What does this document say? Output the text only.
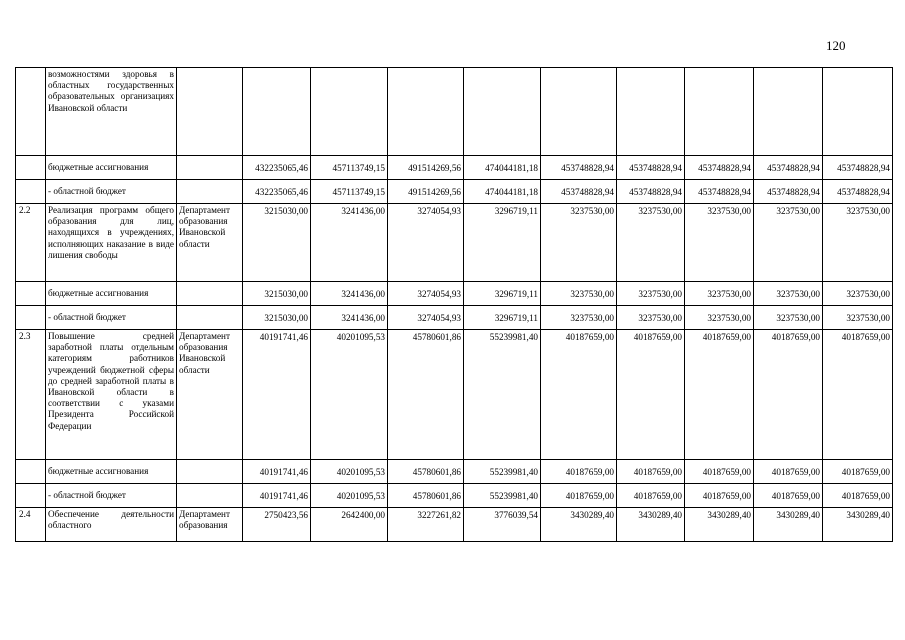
120
	возможностями здоровья в областных государственных образовательных организациях Ивановской области										
	бюджетные ассигнования		432235065,46	457113749,15	491514269,56	474044181,18	453748828,94	453748828,94	453748828,94	453748828,94	453748828,94
	- областной бюджет		432235065,46	457113749,15	491514269,56	474044181,18	453748828,94	453748828,94	453748828,94	453748828,94	453748828,94
2.2	Реализация программ общего образования для лиц, находящихся в учреждениях, исполняющих наказание в виде лишения свободы	Департамент образования Ивановской области	3215030,00	3241436,00	3274054,93	3296719,11	3237530,00	3237530,00	3237530,00	3237530,00	3237530,00
	бюджетные ассигнования		3215030,00	3241436,00	3274054,93	3296719,11	3237530,00	3237530,00	3237530,00	3237530,00	3237530,00
	- областной бюджет		3215030,00	3241436,00	3274054,93	3296719,11	3237530,00	3237530,00	3237530,00	3237530,00	3237530,00
2.3	Повышение средней заработной платы отдельным категориям работников учреждений бюджетной сферы до средней заработной платы в Ивановской области в соответствии с указами Президента Российской Федерации	Департамент образования Ивановской области	40191741,46	40201095,53	45780601,86	55239981,40	40187659,00	40187659,00	40187659,00	40187659,00	40187659,00
	бюджетные ассигнования		40191741,46	40201095,53	45780601,86	55239981,40	40187659,00	40187659,00	40187659,00	40187659,00	40187659,00
	- областной бюджет		40191741,46	40201095,53	45780601,86	55239981,40	40187659,00	40187659,00	40187659,00	40187659,00	40187659,00
2.4	Обеспечение деятельности областного	Департамент образования	2750423,56	2642400,00	3227261,82	3776039,54	3430289,40	3430289,40	3430289,40	3430289,40	3430289,40
